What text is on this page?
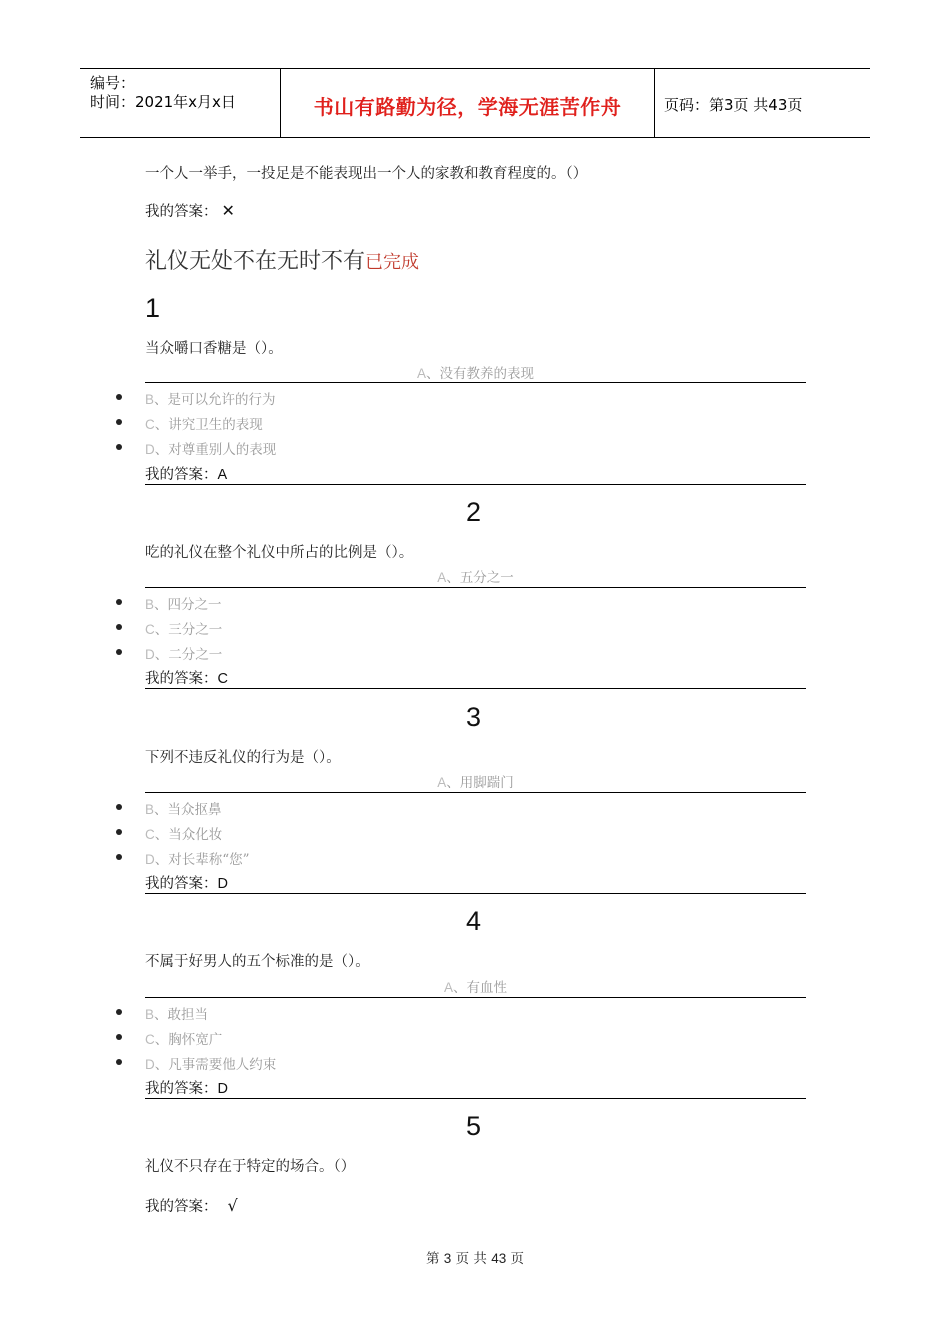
编号：
时间：2021年x月x日	书山有路勤为径，学海无涯苦作舟	页码：第3页 共43页
一个人一举手，一投足是不能表现出一个人的家教和教育程度的。（）
我的答案： ✕
礼仪无处不在无时不有已完成
1
当众嚼口香糖是（）。
A、没有教养的表现
B、是可以允许的行为
C、讲究卫生的表现
D、对尊重别人的表现
我的答案：A
2
吃的礼仪在整个礼仪中所占的比例是（）。
A、五分之一
B、四分之一
C、三分之一
D、二分之一
我的答案：C
3
下列不违反礼仪的行为是（）。
A、用脚踹门
B、当众抠鼻
C、当众化妆
D、对长辈称“您”
我的答案：D
4
不属于好男人的五个标准的是（）。
A、有血性
B、敢担当
C、胸怀宽广
D、凡事需要他人约束
我的答案：D
5
礼仪不只存在于特定的场合。（）
我的答案： √
第 3 页 共 43 页
